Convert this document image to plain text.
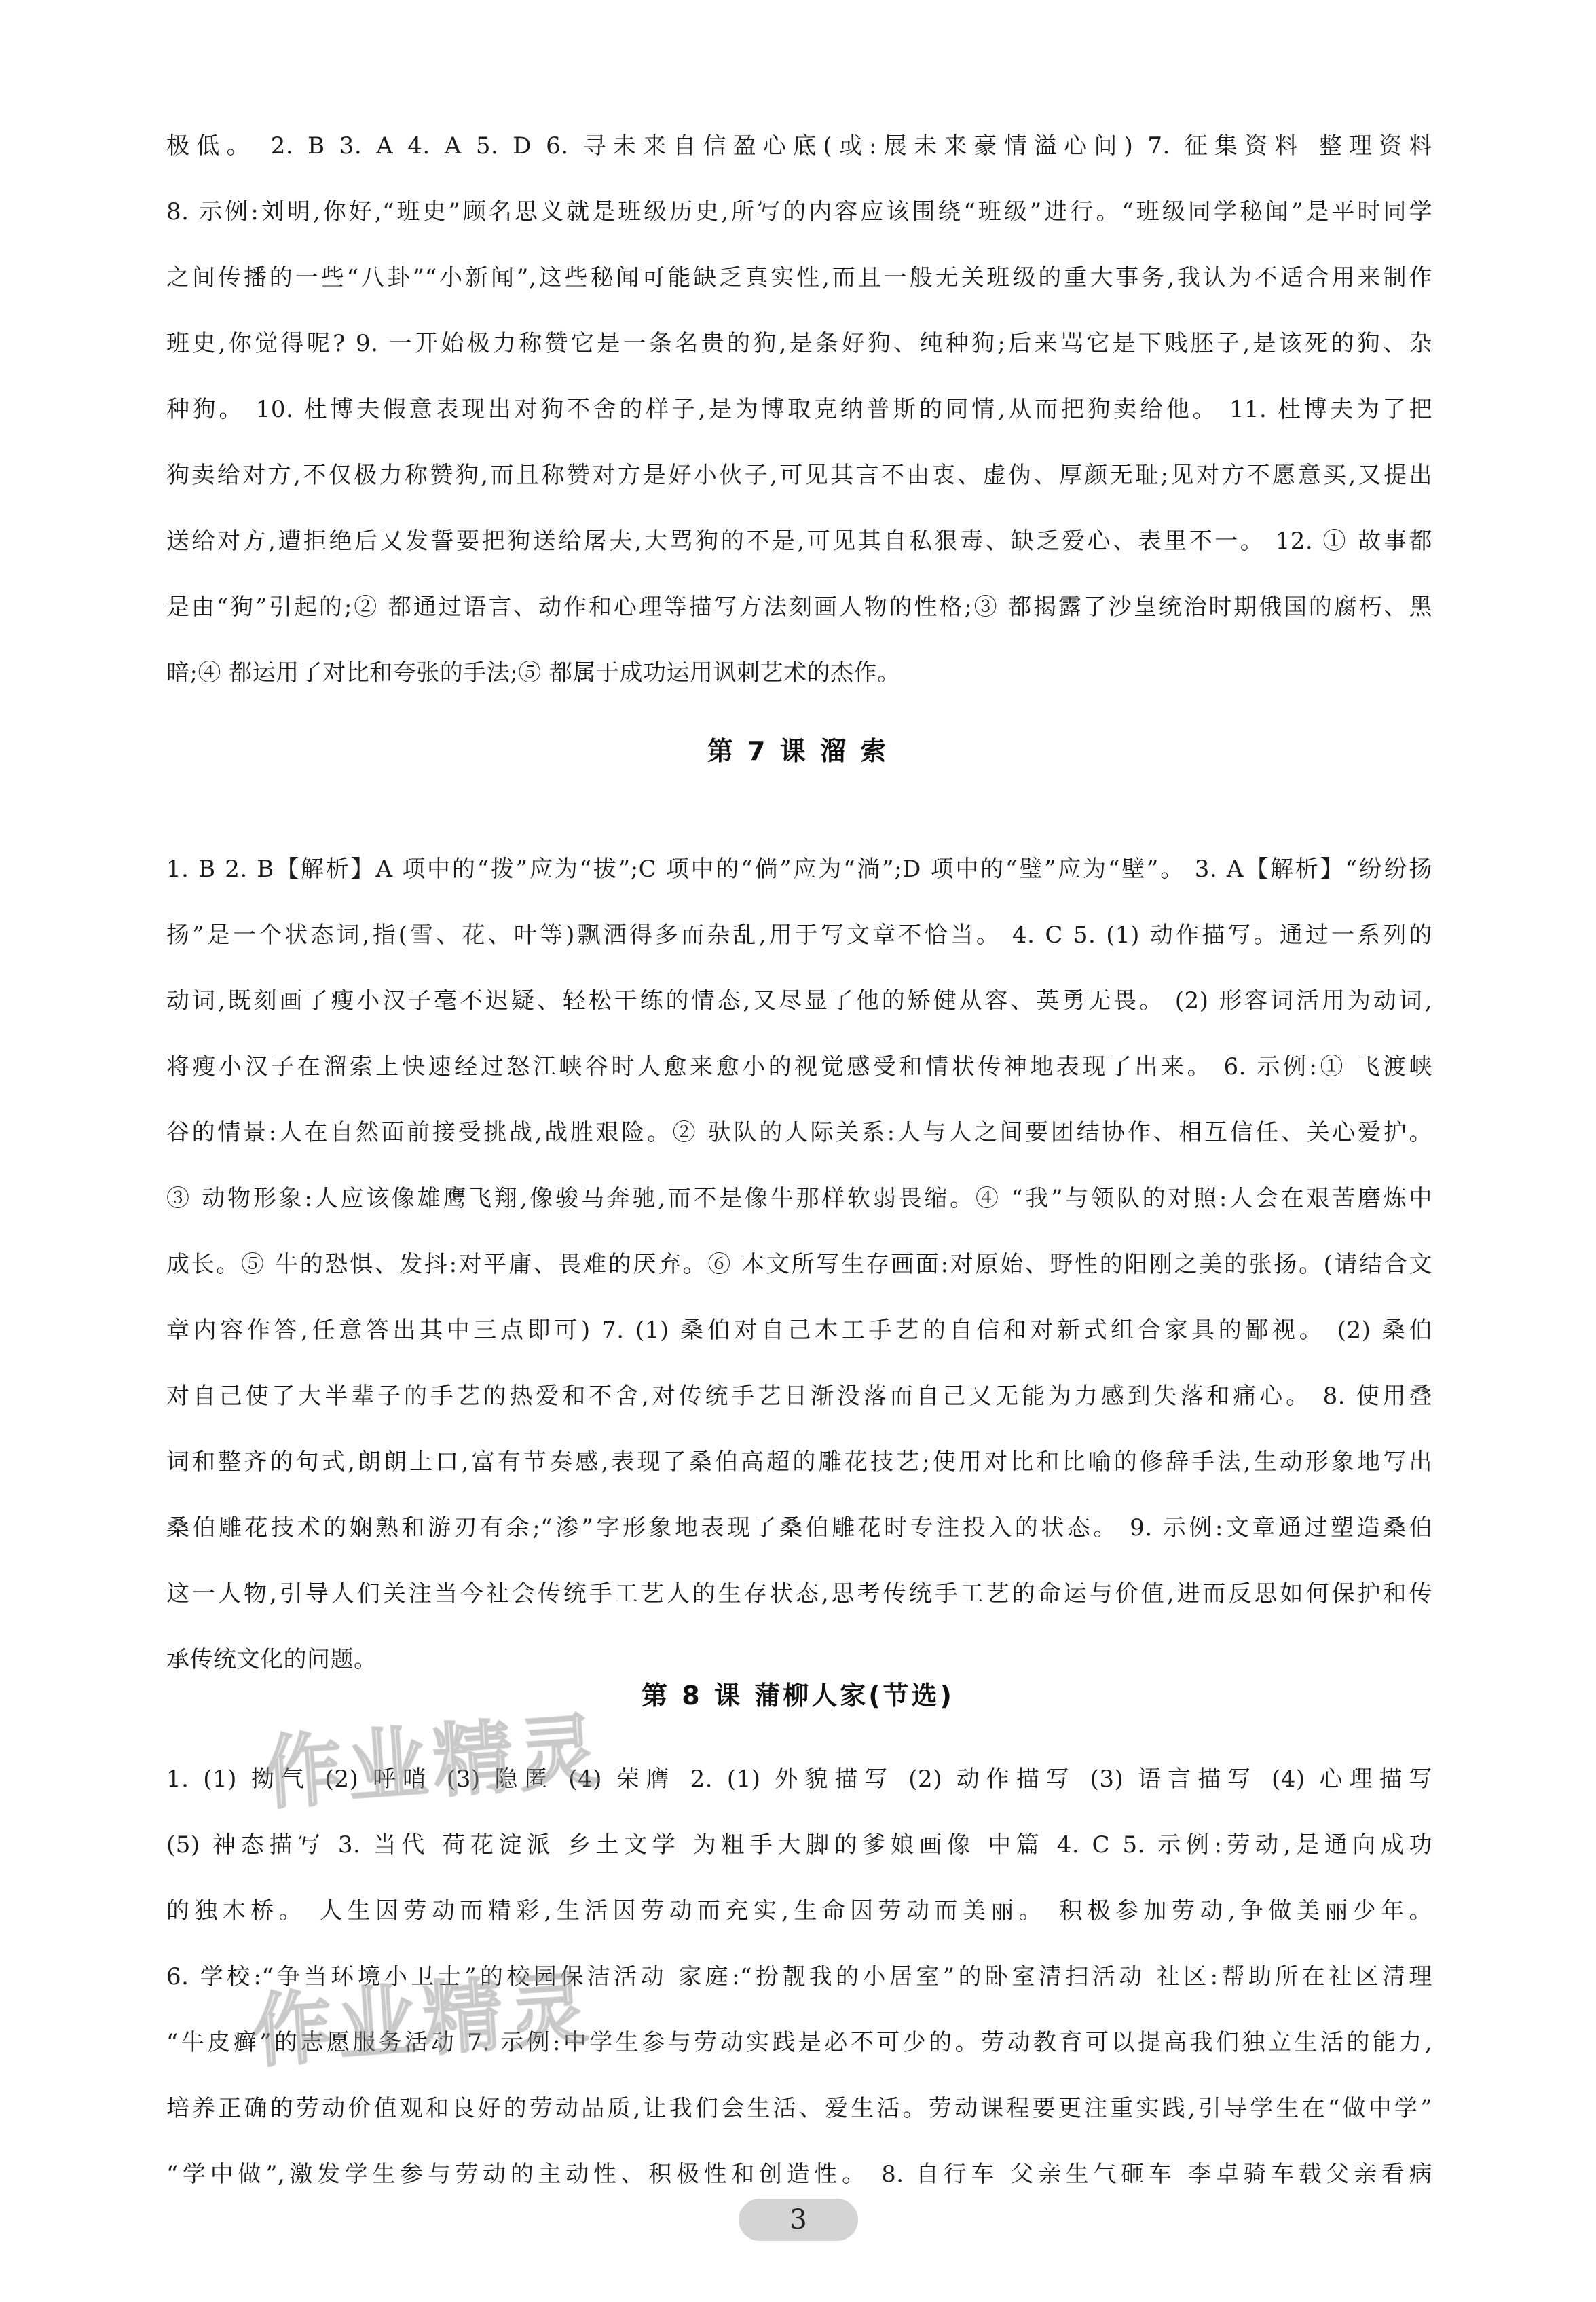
极低。 2. B 3. A 4. A 5. D 6. 寻未来自信盈心底(或:展未来豪情溢心间) 7. 征集资料 整理资料
8. 示例:刘明,你好,“班史”顾名思义就是班级历史,所写的内容应该围绕“班级”进行。“班级同学秘闻”是平时同学
之间传播的一些“八卦”“小新闻”,这些秘闻可能缺乏真实性,而且一般无关班级的重大事务,我认为不适合用来制作
班史,你觉得呢? 9. 一开始极力称赞它是一条名贵的狗,是条好狗、纯种狗;后来骂它是下贱胚子,是该死的狗、杂
种狗。 10. 杜博夫假意表现出对狗不舍的样子,是为博取克纳普斯的同情,从而把狗卖给他。 11. 杜博夫为了把
狗卖给对方,不仅极力称赞狗,而且称赞对方是好小伙子,可见其言不由衷、虚伪、厚颜无耻;见对方不愿意买,又提出
送给对方,遭拒绝后又发誓要把狗送给屠夫,大骂狗的不是,可见其自私狠毒、缺乏爱心、表里不一。 12. ① 故事都
是由“狗”引起的;② 都通过语言、动作和心理等描写方法刻画人物的性格;③ 都揭露了沙皇统治时期俄国的腐朽、黑
暗;④ 都运用了对比和夸张的手法;⑤ 都属于成功运用讽刺艺术的杰作。
第 7 课 溜 索
1. B 2. B【解析】A 项中的“拨”应为“拔”;C 项中的“倘”应为“淌”;D 项中的“璧”应为“壁”。 3. A【解析】“纷纷扬
扬”是一个状态词,指(雪、花、叶等)飘洒得多而杂乱,用于写文章不恰当。 4. C 5. (1) 动作描写。通过一系列的
动词,既刻画了瘦小汉子毫不迟疑、轻松干练的情态,又尽显了他的矫健从容、英勇无畏。 (2) 形容词活用为动词,
将瘦小汉子在溜索上快速经过怒江峡谷时人愈来愈小的视觉感受和情状传神地表现了出来。 6. 示例:① 飞渡峡
谷的情景:人在自然面前接受挑战,战胜艰险。② 驮队的人际关系:人与人之间要团结协作、相互信任、关心爱护。
③ 动物形象:人应该像雄鹰飞翔,像骏马奔驰,而不是像牛那样软弱畏缩。④ “我”与领队的对照:人会在艰苦磨炼中
成长。⑤ 牛的恐惧、发抖:对平庸、畏难的厌弃。⑥ 本文所写生存画面:对原始、野性的阳刚之美的张扬。(请结合文
章内容作答,任意答出其中三点即可) 7. (1) 桑伯对自己木工手艺的自信和对新式组合家具的鄙视。 (2) 桑伯
对自己使了大半辈子的手艺的热爱和不舍,对传统手艺日渐没落而自己又无能为力感到失落和痛心。 8. 使用叠
词和整齐的句式,朗朗上口,富有节奏感,表现了桑伯高超的雕花技艺;使用对比和比喻的修辞手法,生动形象地写出
桑伯雕花技术的娴熟和游刃有余;“渗”字形象地表现了桑伯雕花时专注投入的状态。 9. 示例:文章通过塑造桑伯
这一人物,引导人们关注当今社会传统手工艺人的生存状态,思考传统手工艺的命运与价值,进而反思如何保护和传
承传统文化的问题。
第 8 课 蒲柳人家(节选)
1. (1) 拗气 (2) 呼哨 (3) 隐匿 (4) 荣膺 2. (1) 外貌描写 (2) 动作描写 (3) 语言描写 (4) 心理描写
(5) 神态描写 3. 当代 荷花淀派 乡土文学 为粗手大脚的爹娘画像 中篇 4. C 5. 示例:劳动,是通向成功
的独木桥。 人生因劳动而精彩,生活因劳动而充实,生命因劳动而美丽。 积极参加劳动,争做美丽少年。
6. 学校:“争当环境小卫士”的校园保洁活动 家庭:“扮靓我的小居室”的卧室清扫活动 社区:帮助所在社区清理
“牛皮癣”的志愿服务活动 7. 示例:中学生参与劳动实践是必不可少的。劳动教育可以提高我们独立生活的能力,
培养正确的劳动价值观和良好的劳动品质,让我们会生活、爱生活。劳动课程要更注重实践,引导学生在“做中学”
“学中做”,激发学生参与劳动的主动性、积极性和创造性。 8. 自行车 父亲生气砸车 李卓骑车载父亲看病
作业精灵
作业精灵
3
